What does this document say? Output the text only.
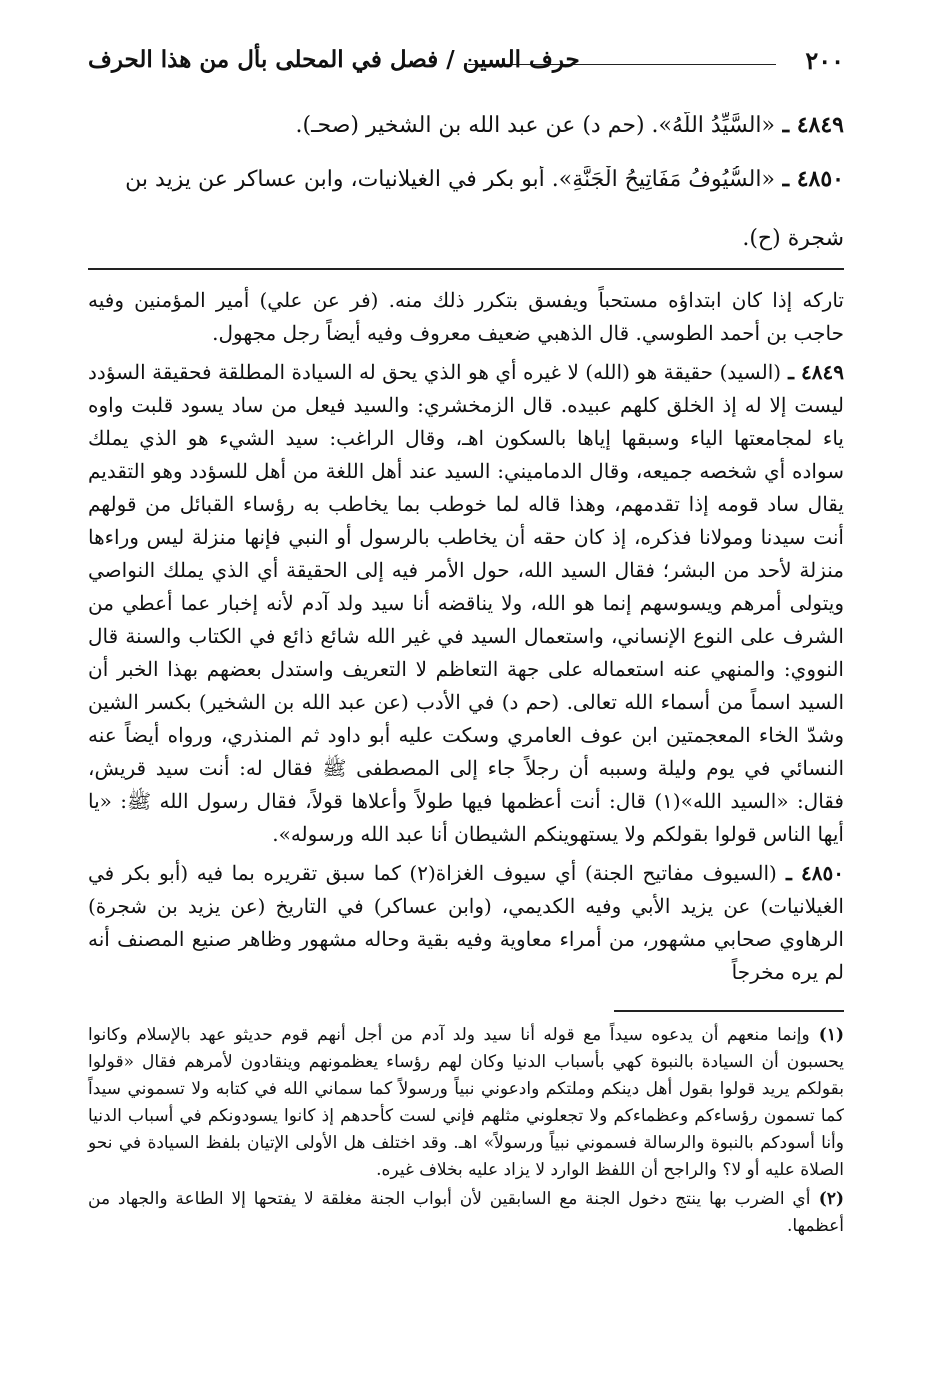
٢٠٠
حرف السين / فصل في المحلى بأل من هذا الحرف
٤٨٤٩ ـ «السَّيِّدُ اللَّهُ». (حم د) عن عبد الله بن الشخير (صحـ).
٤٨٥٠ ـ «السُّيُوفُ مَفَاتِيحُ الْجَنَّةِ». أبو بكر في الغيلانيات، وابن عساكر عن يزيد بن
شجرة (ح).

تاركه إذا كان ابتداؤه مستحباً ويفسق بتكرر ذلك منه. (فر عن علي) أمير المؤمنين وفيه حاجب بن أحمد الطوسي. قال الذهبي ضعيف معروف وفيه أيضاً رجل مجهول.

٤٨٤٩ ـ (السيد) حقيقة هو (الله) لا غيره أي هو الذي يحق له السيادة المطلقة فحقيقة السؤدد ليست إلا له إذ الخلق كلهم عبيده. قال الزمخشري: والسيد فيعل من ساد يسود قلبت واوه ياء لمجامعتها الياء وسبقها إياها بالسكون اهـ، وقال الراغب: سيد الشيء هو الذي يملك سواده أي شخصه جميعه، وقال الدماميني: السيد عند أهل اللغة من أهل للسؤدد وهو التقديم يقال ساد قومه إذا تقدمهم، وهذا قاله لما خوطب بما يخاطب به رؤساء القبائل من قولهم أنت سيدنا ومولانا فذكره، إذ كان حقه أن يخاطب بالرسول أو النبي فإنها منزلة ليس وراءها منزلة لأحد من البشر؛ فقال السيد الله، حول الأمر فيه إلى الحقيقة أي الذي يملك النواصي ويتولى أمرهم ويسوسهم إنما هو الله، ولا يناقضه أنا سيد ولد آدم لأنه إخبار عما أعطي من الشرف على النوع الإنساني، واستعمال السيد في غير الله شائع ذائع في الكتاب والسنة قال النووي: والمنهي عنه استعماله على جهة التعاظم لا التعريف واستدل بعضهم بهذا الخبر أن السيد اسماً من أسماء الله تعالى. (حم د) في الأدب (عن عبد الله بن الشخير) بكسر الشين وشدّ الخاء المعجمتين ابن عوف العامري وسكت عليه أبو داود ثم المنذري، ورواه أيضاً عنه النسائي في يوم وليلة وسببه أن رجلاً جاء إلى المصطفى ﷺ فقال له: أنت سيد قريش، فقال: «السيد الله»(١) قال: أنت أعظمها فيها طولاً وأعلاها قولاً، فقال رسول الله ﷺ: «يا أيها الناس قولوا بقولكم ولا يستهوينكم الشيطان أنا عبد الله ورسوله».

٤٨٥٠ ـ (السيوف مفاتيح الجنة) أي سيوف الغزاة(٢) كما سبق تقريره بما فيه (أبو بكر في الغيلانيات) عن يزيد الأبي وفيه الكديمي، (وابن عساكر) في التاريخ (عن يزيد بن شجرة) الرهاوي صحابي مشهور، من أمراء معاوية وفيه بقية وحاله مشهور وظاهر صنيع المصنف أنه لم يره مخرجاً

(١) وإنما منعهم أن يدعوه سيداً مع قوله أنا سيد ولد آدم من أجل أنهم قوم حديثو عهد بالإسلام وكانوا يحسبون أن السيادة بالنبوة كهي بأسباب الدنيا وكان لهم رؤساء يعظمونهم وينقادون لأمرهم فقال «قولوا بقولكم يريد قولوا بقول أهل دينكم وملتكم وادعوني نبياً ورسولاً كما سماني الله في كتابه ولا تسموني سيداً كما تسمون رؤساءكم وعظماءكم ولا تجعلوني مثلهم فإني لست كأحدهم إذ كانوا يسودونكم في أسباب الدنيا وأنا أسودكم بالنبوة والرسالة فسموني نبياً ورسولاً» اهـ. وقد اختلف هل الأولى الإتيان بلفظ السيادة في نحو الصلاة عليه أو لا؟ والراجح أن اللفظ الوارد لا يزاد عليه بخلاف غيره.

(٢) أي الضرب بها ينتج دخول الجنة مع السابقين لأن أبواب الجنة مغلقة لا يفتحها إلا الطاعة والجهاد من أعظمها.
